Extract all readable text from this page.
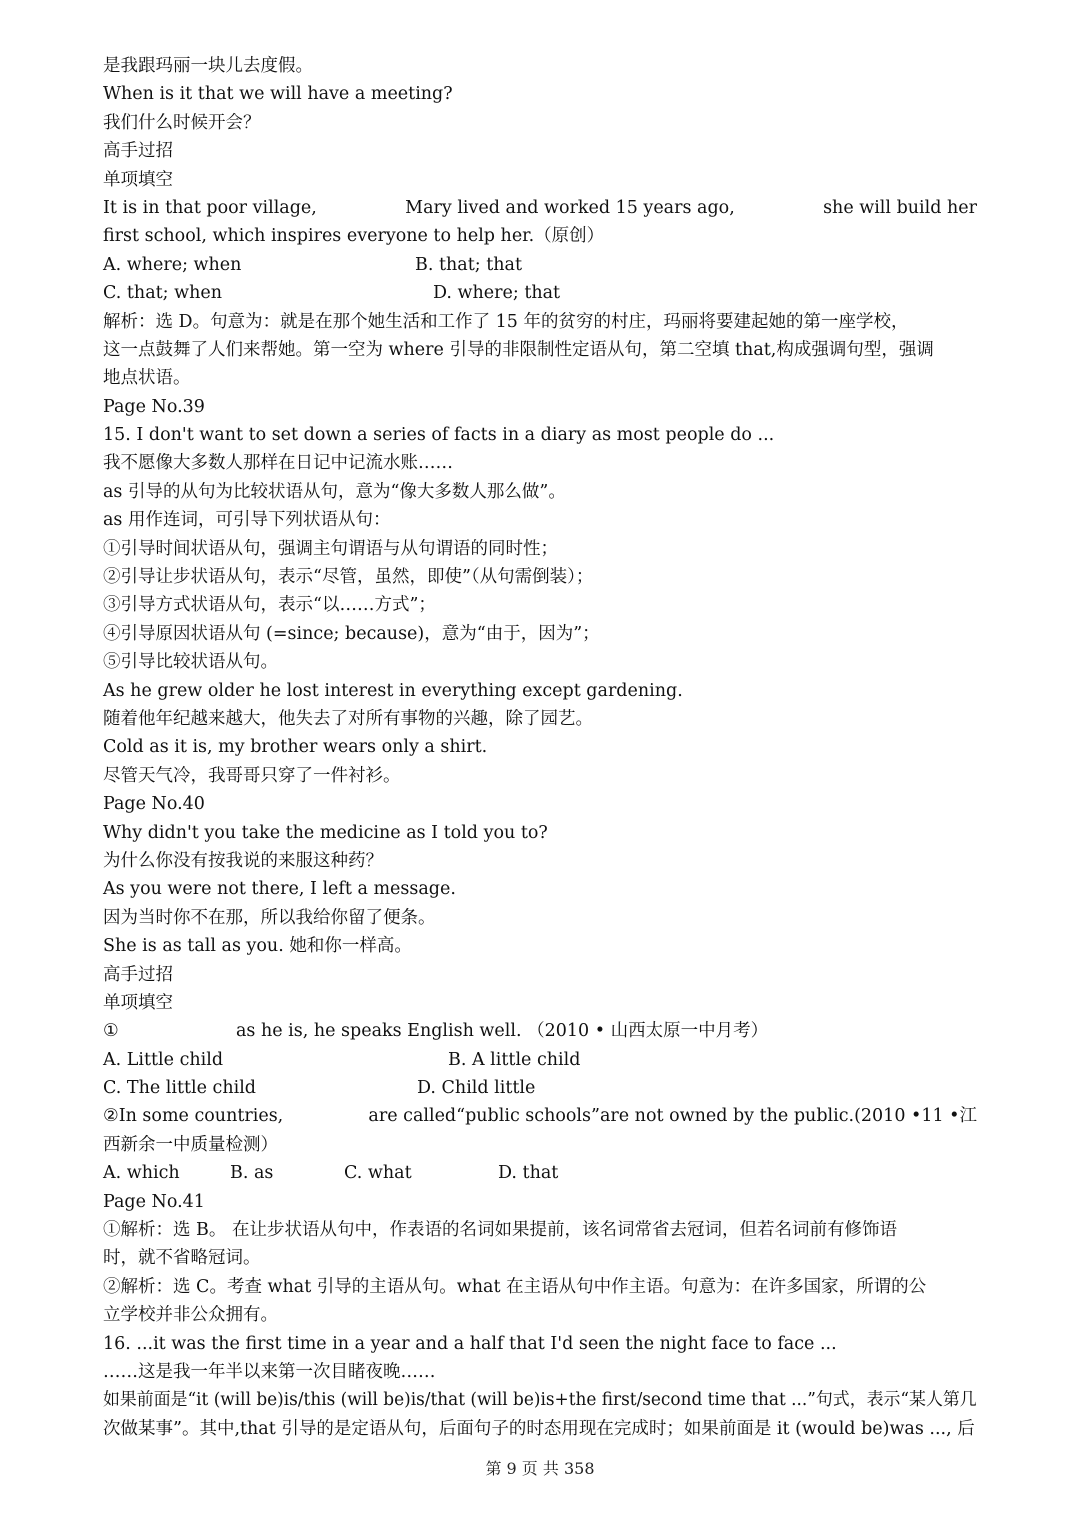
是我跟玛丽一块儿去度假。
When is it that we will have a meeting?
我们什么时候开会？
高手过招
单项填空
It is in that poor village,	Mary lived and worked 15 years ago,	she will build her
first school, which inspires everyone to help her.（原创）
A. where; when	B. that; that
C. that; when	D. where; that
解析：选 D。句意为：就是在那个她生活和工作了 15 年的贫穷的村庄，玛丽将要建起她的第一座学校，
这一点鼓舞了人们来帮她。第一空为 where 引导的非限制性定语从句，第二空填 that,构成强调句型，强调
地点状语。
Page No.39
15. I don't want to set down a series of facts in a diary as most people do ...
我不愿像大多数人那样在日记中记流水账……
as 引导的从句为比较状语从句，意为“像大多数人那么做”。
as 用作连词，可引导下列状语从句：
①引导时间状语从句，强调主句谓语与从句谓语的同时性；
②引导让步状语从句，表示“尽管，虽然，即使”（从句需倒装）；
③引导方式状语从句，表示“以……方式”；
④引导原因状语从句 (=since; because)，意为“由于，因为”；
⑤引导比较状语从句。
As he grew older he lost interest in everything except gardening.
随着他年纪越来越大，他失去了对所有事物的兴趣，除了园艺。
Cold as it is, my brother wears only a shirt.
尽管天气冷，我哥哥只穿了一件衬衫。
Page No.40
Why didn't you take the medicine as I told you to?
为什么你没有按我说的来服这种药？
As you were not there, I left a message.
因为当时你不在那，所以我给你留了便条。
She is as tall as you. 她和你一样高。
高手过招
单项填空
①	as he is, he speaks English well. （2010 • 山西太原一中月考）
A. Little child	B. A little child
C. The little child	D. Child little
②In some countries,	are called“public schools”are not owned by the public.(2010 •11 •江
西新余一中质量检测）
A. which	B. as	C. what	D. that
Page No.41
①解析：选 B。 在让步状语从句中，作表语的名词如果提前，该名词常省去冠词，但若名词前有修饰语
时，就不省略冠词。
②解析：选 C。考查 what 引导的主语从句。what 在主语从句中作主语。句意为：在许多国家，所谓的公
立学校并非公众拥有。
16. ...it was the first time in a year and a half that I'd seen the night face to face ...
……这是我一年半以来第一次目睹夜晚……
如果前面是“it (will be)is/this (will be)is/that (will be)is+the first/second time that ...”句式，表示“某人第几
次做某事”。其中,that 引导的是定语从句，后面句子的时态用现在完成时；如果前面是 it (would be)was ..., 后
第 9 页 共 358
